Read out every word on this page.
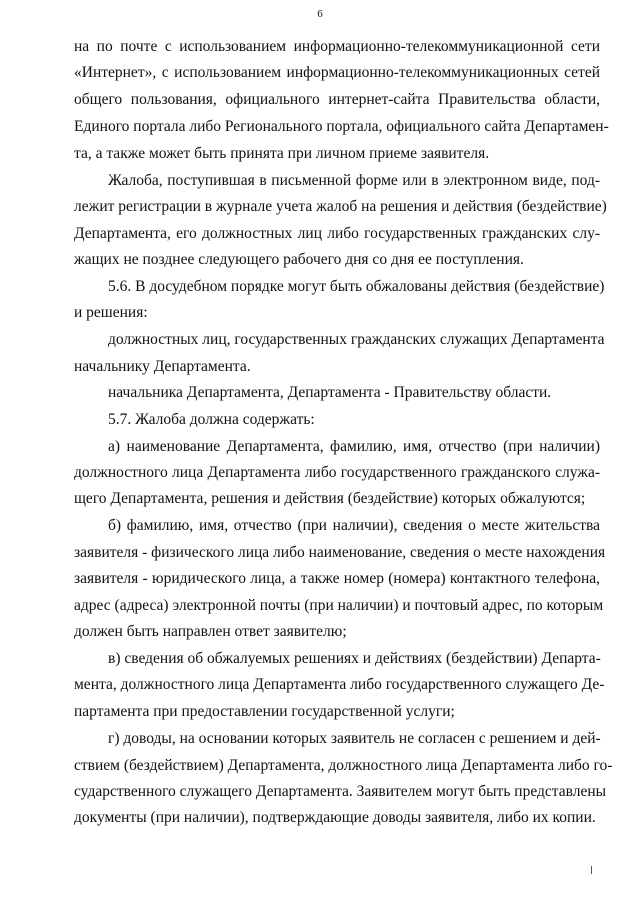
6
на по почте с использованием информационно-телекоммуникационной сети
«Интернет», с использованием информационно-телекоммуникационных сетей
общего пользования, официального интернет-сайта Правительства области,
Единого портала либо Регионального портала, официального сайта Департамен-
та, а также может быть принята при личном приеме заявителя.
Жалоба, поступившая в письменной форме или в электронном виде, под-
лежит регистрации в журнале учета жалоб на решения и действия (бездействие)
Департамента, его должностных лиц либо государственных гражданских слу-
жащих не позднее следующего рабочего дня со дня ее поступления.
5.6. В досудебном порядке могут быть обжалованы действия (бездействие)
и решения:
должностных лиц, государственных гражданских служащих Департамента
начальнику Департамента.
начальника Департамента, Департамента - Правительству области.
5.7. Жалоба должна содержать:
а) наименование Департамента, фамилию, имя, отчество (при наличии)
должностного лица Департамента либо государственного гражданского служа-
щего Департамента, решения и действия (бездействие) которых обжалуются;
б) фамилию, имя, отчество (при наличии), сведения о месте жительства
заявителя - физического лица либо наименование, сведения о месте нахождения
заявителя - юридического лица, а также номер (номера) контактного телефона,
адрес (адреса) электронной почты (при наличии) и почтовый адрес, по которым
должен быть направлен ответ заявителю;
в) сведения об обжалуемых решениях и действиях (бездействии) Департа-
мента, должностного лица Департамента либо государственного служащего Де-
партамента при предоставлении государственной услуги;
г) доводы, на основании которых заявитель не согласен с решением и дей-
ствием (бездействием) Департамента, должностного лица Департамента либо го-
сударственного служащего Департамента. Заявителем могут быть представлены
документы (при наличии), подтверждающие доводы заявителя, либо их копии.
